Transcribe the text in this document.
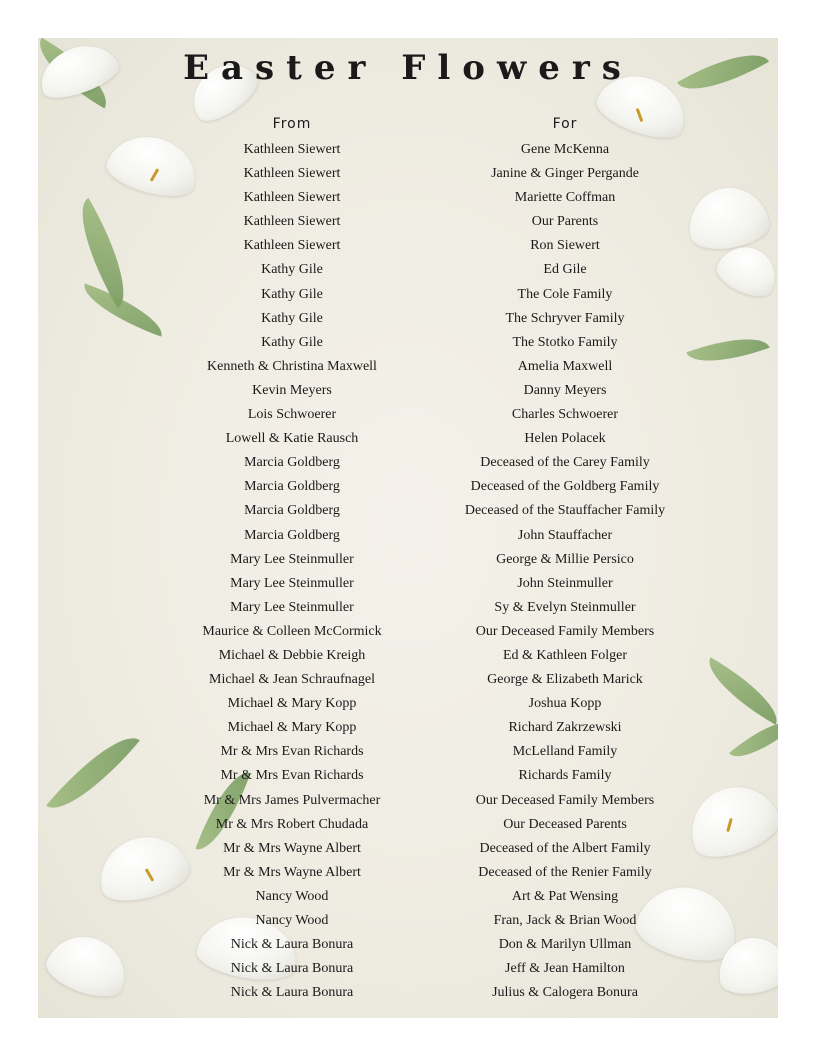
Easter Flowers
From	For
Kathleen Siewert	Gene McKenna
Kathleen Siewert	Janine & Ginger Pergande
Kathleen Siewert	Mariette Coffman
Kathleen Siewert	Our Parents
Kathleen Siewert	Ron Siewert
Kathy Gile	Ed Gile
Kathy Gile	The Cole Family
Kathy Gile	The Schryver Family
Kathy Gile	The Stotko Family
Kenneth & Christina Maxwell	Amelia Maxwell
Kevin Meyers	Danny Meyers
Lois Schwoerer	Charles Schwoerer
Lowell & Katie Rausch	Helen Polacek
Marcia Goldberg	Deceased of the Carey Family
Marcia Goldberg	Deceased of the Goldberg Family
Marcia Goldberg	Deceased of the Stauffacher Family
Marcia Goldberg	John Stauffacher
Mary Lee Steinmuller	George & Millie Persico
Mary Lee Steinmuller	John Steinmuller
Mary Lee Steinmuller	Sy & Evelyn Steinmuller
Maurice & Colleen McCormick	Our Deceased Family Members
Michael & Debbie Kreigh	Ed & Kathleen Folger
Michael & Jean Schraufnagel	George & Elizabeth Marick
Michael & Mary Kopp	Joshua Kopp
Michael & Mary Kopp	Richard Zakrzewski
Mr & Mrs Evan Richards	McLelland Family
Mr & Mrs Evan Richards	Richards Family
Mr & Mrs James Pulvermacher	Our Deceased Family Members
Mr & Mrs Robert Chudada	Our Deceased Parents
Mr & Mrs Wayne Albert	Deceased of the Albert Family
Mr & Mrs Wayne Albert	Deceased of the Renier Family
Nancy Wood	Art & Pat Wensing
Nancy Wood	Fran, Jack & Brian Wood
Nick & Laura Bonura	Don & Marilyn Ullman
Nick & Laura Bonura	Jeff & Jean Hamilton
Nick & Laura Bonura	Julius & Calogera Bonura
